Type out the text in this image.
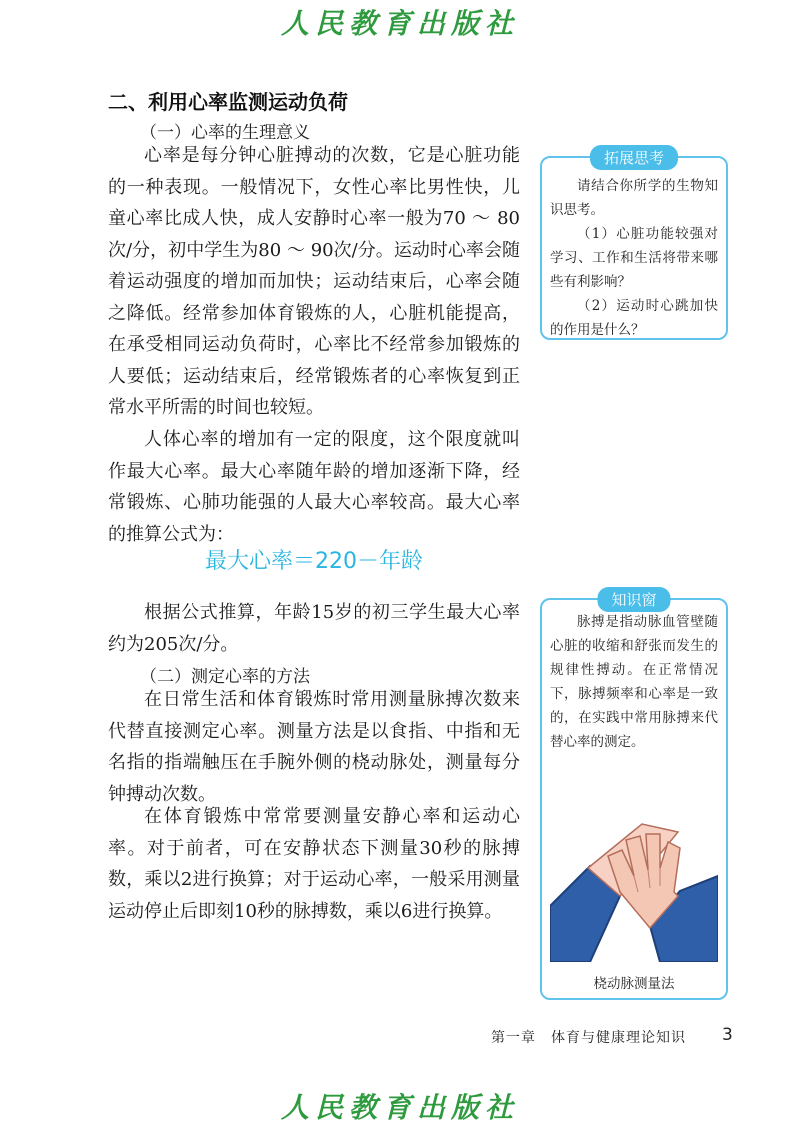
人民教育出版社
二、利用心率监测运动负荷
（一）心率的生理意义

心率是每分钟心脏搏动的次数，它是心脏功能的一种表现。一般情况下，女性心率比男性快，儿童心率比成人快，成人安静时心率一般为70 ～ 80次/分，初中学生为80 ～ 90次/分。运动时心率会随着运动强度的增加而加快；运动结束后，心率会随之降低。经常参加体育锻炼的人，心脏机能提高，在承受相同运动负荷时，心率比不经常参加锻炼的人要低；运动结束后，经常锻炼者的心率恢复到正常水平所需的时间也较短。

人体心率的增加有一定的限度，这个限度就叫作最大心率。最大心率随年龄的增加逐渐下降，经常锻炼、心肺功能强的人最大心率较高。最大心率的推算公式为：

最大心率＝220－年龄

根据公式推算，年龄15岁的初三学生最大心率约为205次/分。

（二）测定心率的方法

在日常生活和体育锻炼时常用测量脉搏次数来代替直接测定心率。测量方法是以食指、中指和无名指的指端触压在手腕外侧的桡动脉处，测量每分钟搏动次数。

在体育锻炼中常常要测量安静心率和运动心率。对于前者，可在安静状态下测量30秒的脉搏数，乘以2进行换算；对于运动心率，一般采用测量运动停止后即刻10秒的脉搏数，乘以6进行换算。

拓展思考

请结合你所学的生物知识思考。

（1）心脏功能较强对学习、工作和生活将带来哪些有利影响？

（2）运动时心跳加快的作用是什么？

知识窗

脉搏是指动脉血管壁随心脏的收缩和舒张而发生的规律性搏动。在正常情况下，脉搏频率和心率是一致的，在实践中常用脉搏来代替心率的测定。

桡动脉测量法
第一章　体育与健康理论知识 3
人民教育出版社
